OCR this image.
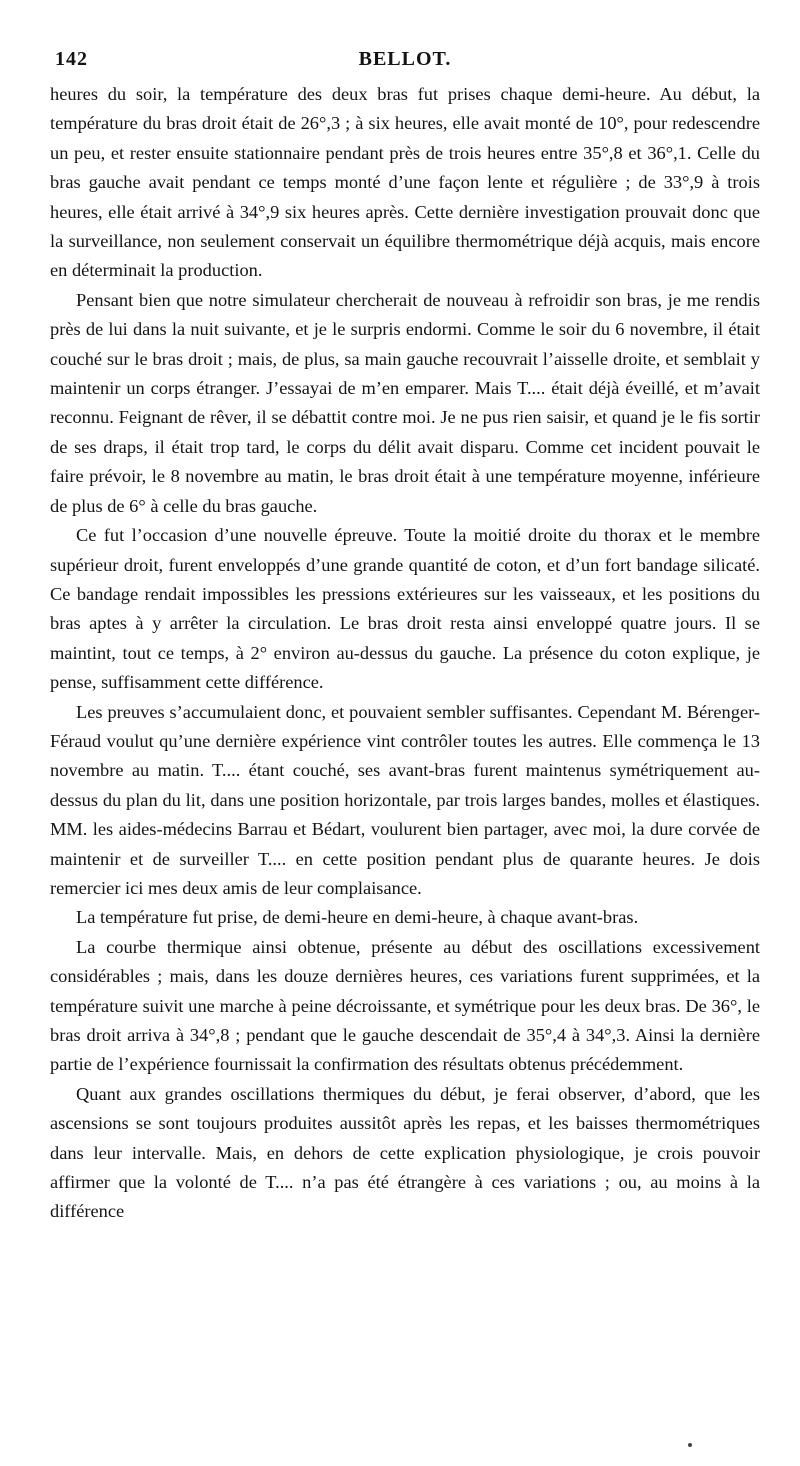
142	BELLOT.

heures du soir, la température des deux bras fut prises chaque demi-heure. Au début, la température du bras droit était de 26°,3 ; à six heures, elle avait monté de 10°, pour redescendre un peu, et rester ensuite stationnaire pendant près de trois heures entre 35°,8 et 36°,1. Celle du bras gauche avait pendant ce temps monté d’une façon lente et régulière ; de 33°,9 à trois heures, elle était arrivé à 34°,9 six heures après. Cette dernière investigation prouvait donc que la surveillance, non seulement conservait un équilibre thermométrique déjà acquis, mais encore en déterminait la production.

Pensant bien que notre simulateur chercherait de nouveau à refroidir son bras, je me rendis près de lui dans la nuit suivante, et je le surpris endormi. Comme le soir du 6 novembre, il était couché sur le bras droit ; mais, de plus, sa main gauche recouvrait l’aisselle droite, et semblait y maintenir un corps étranger. J’essayai de m’en emparer. Mais T.... était déjà éveillé, et m’avait reconnu. Feignant de rêver, il se débattit contre moi. Je ne pus rien saisir, et quand je le fis sortir de ses draps, il était trop tard, le corps du délit avait disparu. Comme cet incident pouvait le faire prévoir, le 8 novembre au matin, le bras droit était à une température moyenne, inférieure de plus de 6° à celle du bras gauche.

Ce fut l’occasion d’une nouvelle épreuve. Toute la moitié droite du thorax et le membre supérieur droit, furent enveloppés d’une grande quantité de coton, et d’un fort bandage silicaté. Ce bandage rendait impossibles les pressions extérieures sur les vaisseaux, et les positions du bras aptes à y arrêter la circulation. Le bras droit resta ainsi enveloppé quatre jours. Il se maintint, tout ce temps, à 2° environ au-dessus du gauche. La présence du coton explique, je pense, suffisamment cette différence.

Les preuves s’accumulaient donc, et pouvaient sembler suffisantes. Cependant M. Bérenger-Féraud voulut qu’une dernière expérience vint contrôler toutes les autres. Elle commença le 13 novembre au matin. T.... étant couché, ses avant-bras furent maintenus symétriquement au-dessus du plan du lit, dans une position horizontale, par trois larges bandes, molles et élastiques. MM. les aides-médecins Barrau et Bédart, voulurent bien partager, avec moi, la dure corvée de maintenir et de surveiller T.... en cette position pendant plus de quarante heures. Je dois remercier ici mes deux amis de leur complaisance.

La température fut prise, de demi-heure en demi-heure, à chaque avant-bras.

La courbe thermique ainsi obtenue, présente au début des oscillations excessivement considérables ; mais, dans les douze dernières heures, ces variations furent supprimées, et la température suivit une marche à peine décroissante, et symétrique pour les deux bras. De 36°, le bras droit arriva à 34°,8 ; pendant que le gauche descendait de 35°,4 à 34°,3. Ainsi la dernière partie de l’expérience fournissait la confirmation des résultats obtenus précédemment.

Quant aux grandes oscillations thermiques du début, je ferai observer, d’abord, que les ascensions se sont toujours produites aussitôt après les repas, et les baisses thermométriques dans leur intervalle. Mais, en dehors de cette explication physiologique, je crois pouvoir affirmer que la volonté de T.... n’a pas été étrangère à ces variations ; ou, au moins à la différence
